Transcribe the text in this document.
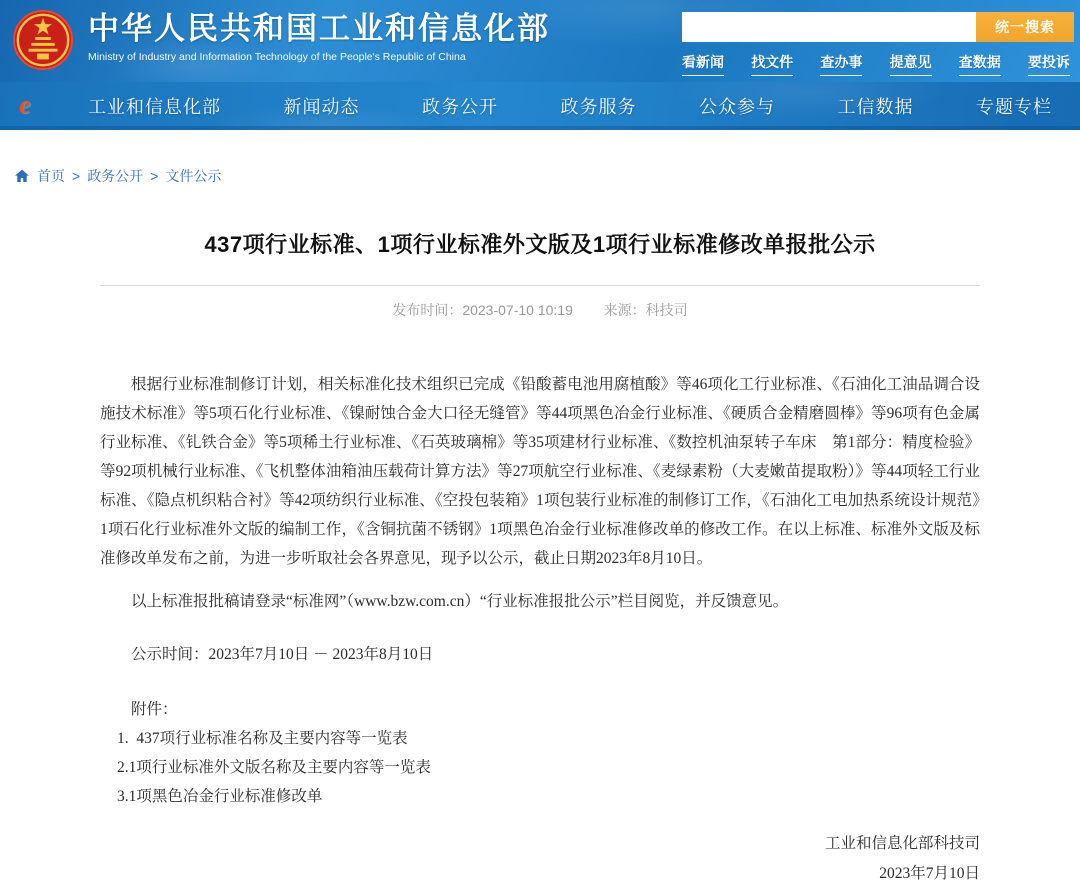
中华人民共和国工业和信息化部
Ministry of Industry and Information Technology of the People's Republic of China
统一搜索
看新闻 找文件 查办事 提意见 查数据 要投诉
e	工业和信息化部	新闻动态	政务公开	政务服务	公众参与	工信数据	专题专栏
首页 > 政务公开 > 文件公示
437项行业标准、1项行业标准外文版及1项行业标准修改单报批公示
发布时间：2023-07-10 10:19 来源：科技司

根据行业标准制修订计划，相关标准化技术组织已完成《铅酸蓄电池用腐植酸》等46项化工行业标准、《石油化工油品调合设施技术标准》等5项石化行业标准、《镍耐蚀合金大口径无缝管》等44项黑色冶金行业标准、《硬质合金精磨圆棒》等96项有色金属行业标准、《钆铁合金》等5项稀土行业标准、《石英玻璃棉》等35项建材行业标准、《数控机油泵转子车床　第1部分：精度检验》等92项机械行业标准、《飞机整体油箱油压载荷计算方法》等27项航空行业标准、《麦绿素粉（大麦嫩苗提取粉）》等44项轻工行业标准、《隐点机织粘合衬》等42项纺织行业标准、《空投包装箱》1项包装行业标准的制修订工作，《石油化工电加热系统设计规范》1项石化行业标准外文版的编制工作，《含铜抗菌不锈钢》1项黑色冶金行业标准修改单的修改工作。在以上标准、标准外文版及标准修改单发布之前，为进一步听取社会各界意见，现予以公示，截止日期2023年8月10日。

以上标准报批稿请登录“标准网”（www.bzw.com.cn）“行业标准报批公示”栏目阅览，并反馈意见。

公示时间：2023年7月10日 － 2023年8月10日

附件：
1.  437项行业标准名称及主要内容等一览表
2.1项行业标准外文版名称及主要内容等一览表
3.1项黑色冶金行业标准修改单
工业和信息化部科技司
2023年7月10日
